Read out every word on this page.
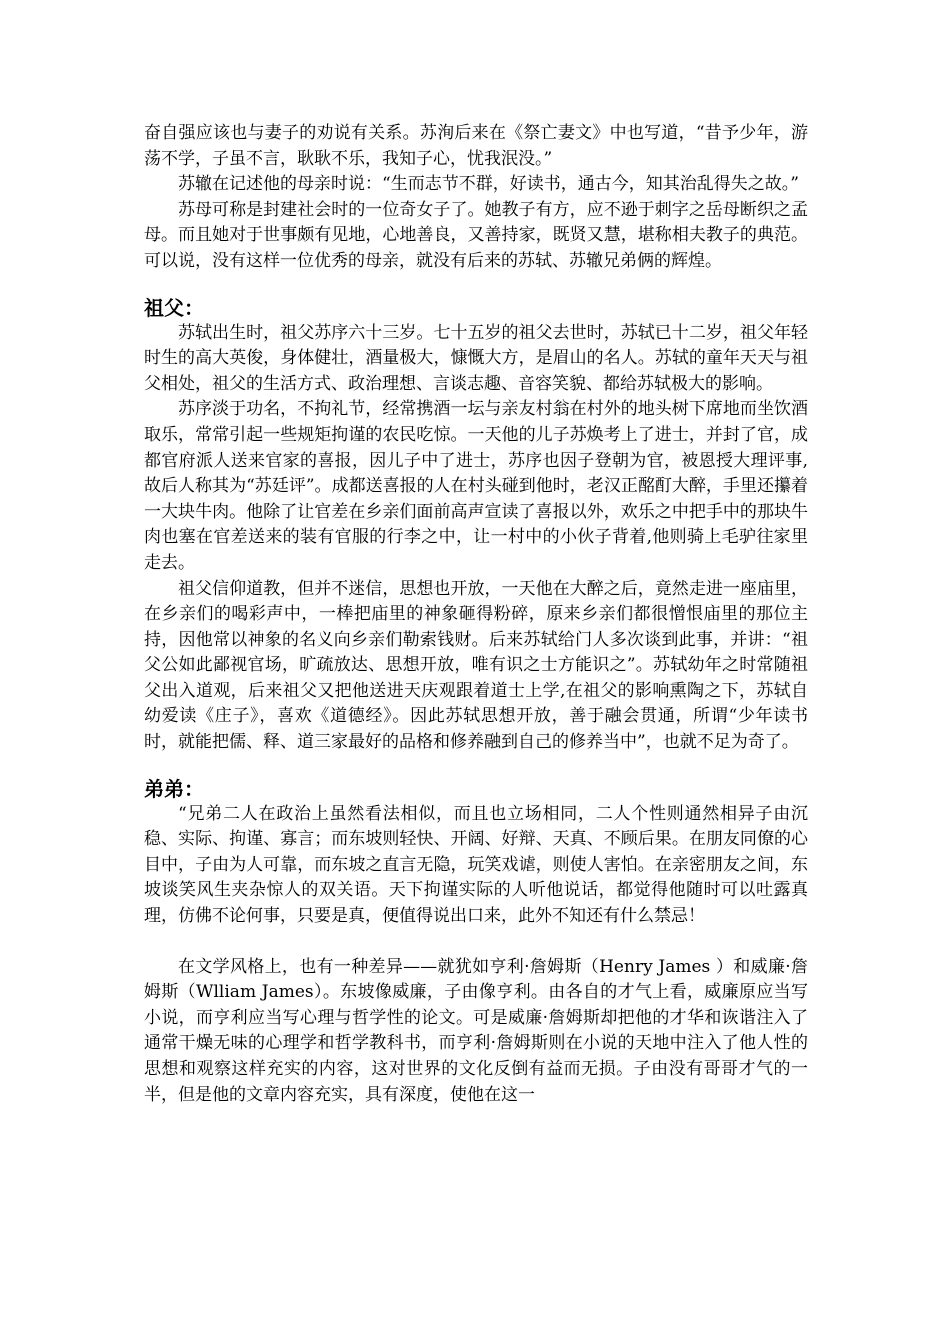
奋自强应该也与妻子的劝说有关系。苏洵后来在《祭亡妻文》中也写道，“昔予少年，游荡不学，子虽不言，耿耿不乐，我知子心，忧我泯没。”

苏辙在记述他的母亲时说：“生而志节不群，好读书，通古今，知其治乱得失之故。”

苏母可称是封建社会时的一位奇女子了。她教子有方，应不逊于刺字之岳母断织之孟母。而且她对于世事颇有见地，心地善良，又善持家，既贤又慧，堪称相夫教子的典范。可以说，没有这样一位优秀的母亲，就没有后来的苏轼、苏辙兄弟俩的辉煌。

祖父：

苏轼出生时，祖父苏序六十三岁。七十五岁的祖父去世时，苏轼已十二岁，祖父年轻时生的高大英俊，身体健壮，酒量极大，慷慨大方，是眉山的名人。苏轼的童年天天与祖父相处，祖父的生活方式、政治理想、言谈志趣、音容笑貌、都给苏轼极大的影响。

苏序淡于功名，不拘礼节，经常携酒一坛与亲友村翁在村外的地头树下席地而坐饮酒取乐，常常引起一些规矩拘谨的农民吃惊。一天他的儿子苏焕考上了进士，并封了官，成都官府派人送来官家的喜报，因儿子中了进士，苏序也因子登朝为官，被恩授大理评事,故后人称其为“苏廷评”。成都送喜报的人在村头碰到他时，老汉正酩酊大醉，手里还攥着一大块牛肉。他除了让官差在乡亲们面前高声宣读了喜报以外，欢乐之中把手中的那块牛肉也塞在官差送来的装有官服的行李之中，让一村中的小伙子背着,他则骑上毛驴往家里走去。

祖父信仰道教，但并不迷信，思想也开放，一天他在大醉之后，竟然走进一座庙里，在乡亲们的喝彩声中，一棒把庙里的神象砸得粉碎，原来乡亲们都很憎恨庙里的那位主持，因他常以神象的名义向乡亲们勒索钱财。后来苏轼给门人多次谈到此事，并讲：“祖父公如此鄙视官场，旷疏放达、思想开放，唯有识之士方能识之”。苏轼幼年之时常随祖父出入道观，后来祖父又把他送进天庆观跟着道士上学,在祖父的影响熏陶之下，苏轼自幼爱读《庄子》，喜欢《道德经》。因此苏轼思想开放，善于融会贯通，所谓“少年读书时，就能把儒、释、道三家最好的品格和修养融到自己的修养当中”，也就不足为奇了。

弟弟：

“兄弟二人在政治上虽然看法相似，而且也立场相同，二人个性则通然相异子由沉稳、实际、拘谨、寡言；而东坡则轻快、开阔、好辩、天真、不顾后果。在朋友同僚的心目中，子由为人可靠，而东坡之直言无隐，玩笑戏谑，则使人害怕。在亲密朋友之间，东坡谈笑风生夹杂惊人的双关语。天下拘谨实际的人听他说话，都觉得他随时可以吐露真理，仿佛不论何事，只要是真，便值得说出口来，此外不知还有什么禁忌！

在文学风格上，也有一种差异——就犹如亨利·詹姆斯（Henry James ）和威廉·詹姆斯（Wlliam James）。东坡像威廉，子由像亨利。由各自的才气上看，威廉原应当写小说，而亨利应当写心理与哲学性的论文。可是威廉·詹姆斯却把他的才华和诙谐注入了通常干燥无味的心理学和哲学教科书，而亨利·詹姆斯则在小说的天地中注入了他人性的思想和观察这样充实的内容，这对世界的文化反倒有益而无损。子由没有哥哥才气的一半，但是他的文章内容充实，具有深度，使他在这一
